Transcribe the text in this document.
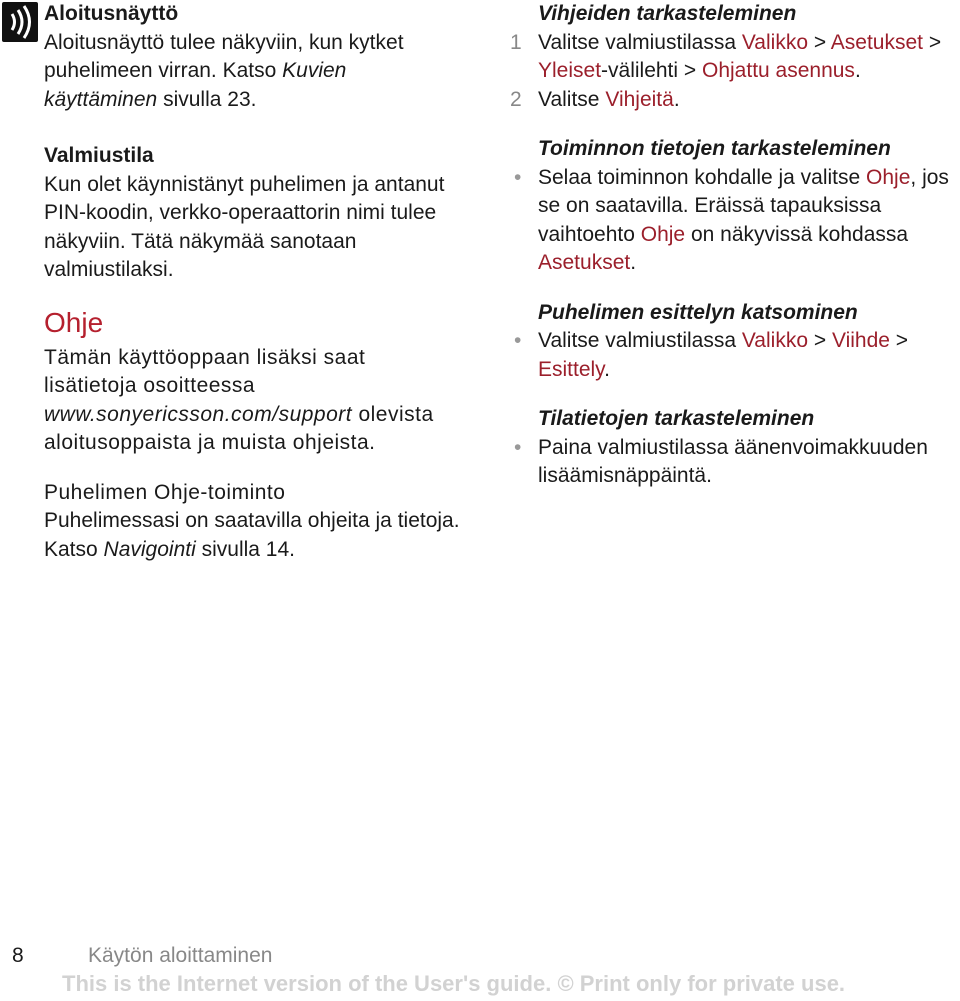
Aloitusnäyttö

Aloitusnäyttö tulee näkyviin, kun kytket puhelimeen virran. Katso Kuvien käyttäminen sivulla 23.

Valmiustila

Kun olet käynnistänyt puhelimen ja antanut PIN-koodin, verkko-operaattorin nimi tulee näkyviin. Tätä näkymää sanotaan valmiustilaksi.

Ohje

Tämän käyttöoppaan lisäksi saat lisätietoja osoitteessa www.sonyericsson.com/support olevista aloitusoppaista ja muista ohjeista.

Puhelimen Ohje-toiminto

Puhelimessasi on saatavilla ohjeita ja tietoja. Katso Navigointi sivulla 14.

Vihjeiden tarkasteleminen

1 Valitse valmiustilassa Valikko > Asetukset > Yleiset-välilehti > Ohjattu asennus.
2 Valitse Vihjeitä.

Toiminnon tietojen tarkasteleminen

• Selaa toiminnon kohdalle ja valitse Ohje, jos se on saatavilla. Eräissä tapauksissa vaihtoehto Ohje on näkyvissä kohdassa Asetukset.

Puhelimen esittelyn katsominen

• Valitse valmiustilassa Valikko > Viihde > Esittely.

Tilatietojen tarkasteleminen

• Paina valmiustilassa äänenvoimakkuuden lisäämisnäppäintä.
8	Käytön aloittaminen
This is the Internet version of the User's guide. © Print only for private use.
